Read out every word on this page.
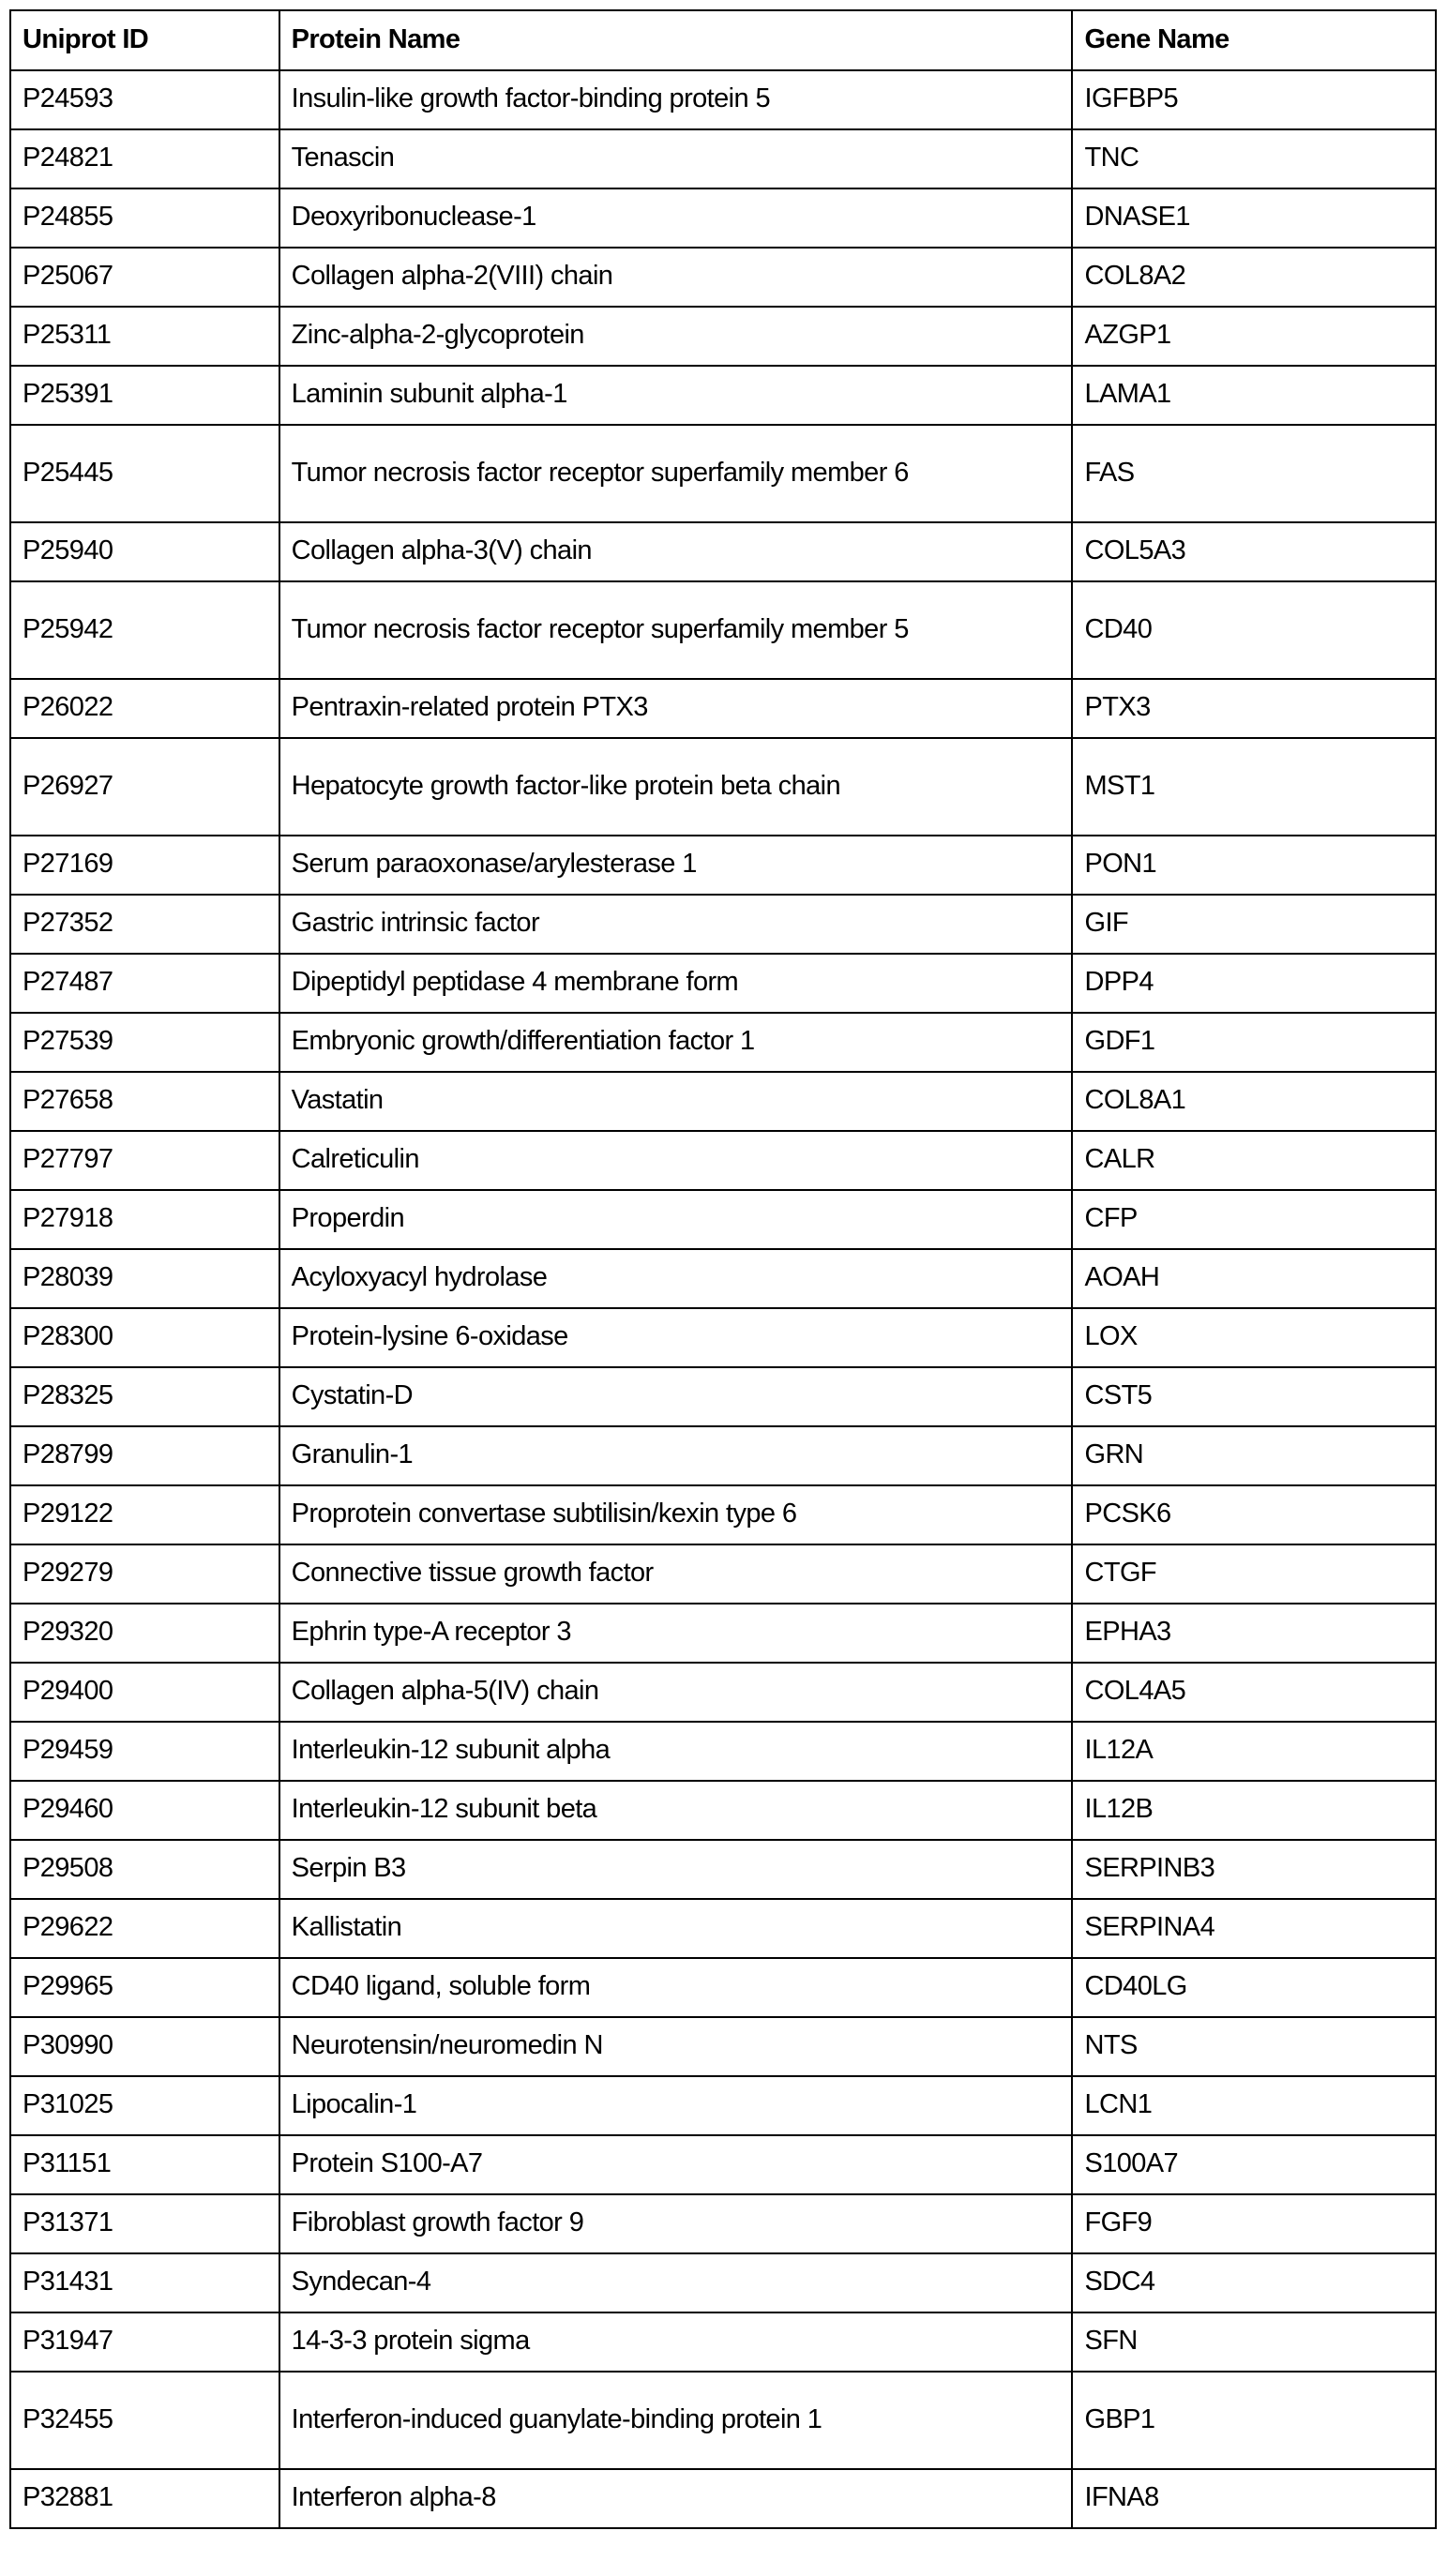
Uniprot ID	Protein Name	Gene Name
P24593	Insulin-like growth factor-binding protein 5	IGFBP5
P24821	Tenascin	TNC
P24855	Deoxyribonuclease-1	DNASE1
P25067	Collagen alpha-2(VIII) chain	COL8A2
P25311	Zinc-alpha-2-glycoprotein	AZGP1
P25391	Laminin subunit alpha-1	LAMA1
P25445	Tumor necrosis factor receptor superfamily member 6	FAS
P25940	Collagen alpha-3(V) chain	COL5A3
P25942	Tumor necrosis factor receptor superfamily member 5	CD40
P26022	Pentraxin-related protein PTX3	PTX3
P26927	Hepatocyte growth factor-like protein beta chain	MST1
P27169	Serum paraoxonase/arylesterase 1	PON1
P27352	Gastric intrinsic factor	GIF
P27487	Dipeptidyl peptidase 4 membrane form	DPP4
P27539	Embryonic growth/differentiation factor 1	GDF1
P27658	Vastatin	COL8A1
P27797	Calreticulin	CALR
P27918	Properdin	CFP
P28039	Acyloxyacyl hydrolase	AOAH
P28300	Protein-lysine 6-oxidase	LOX
P28325	Cystatin-D	CST5
P28799	Granulin-1	GRN
P29122	Proprotein convertase subtilisin/kexin type 6	PCSK6
P29279	Connective tissue growth factor	CTGF
P29320	Ephrin type-A receptor 3	EPHA3
P29400	Collagen alpha-5(IV) chain	COL4A5
P29459	Interleukin-12 subunit alpha	IL12A
P29460	Interleukin-12 subunit beta	IL12B
P29508	Serpin B3	SERPINB3
P29622	Kallistatin	SERPINA4
P29965	CD40 ligand, soluble form	CD40LG
P30990	Neurotensin/neuromedin N	NTS
P31025	Lipocalin-1	LCN1
P31151	Protein S100-A7	S100A7
P31371	Fibroblast growth factor 9	FGF9
P31431	Syndecan-4	SDC4
P31947	14-3-3 protein sigma	SFN
P32455	Interferon-induced guanylate-binding protein 1	GBP1
P32881	Interferon alpha-8	IFNA8
